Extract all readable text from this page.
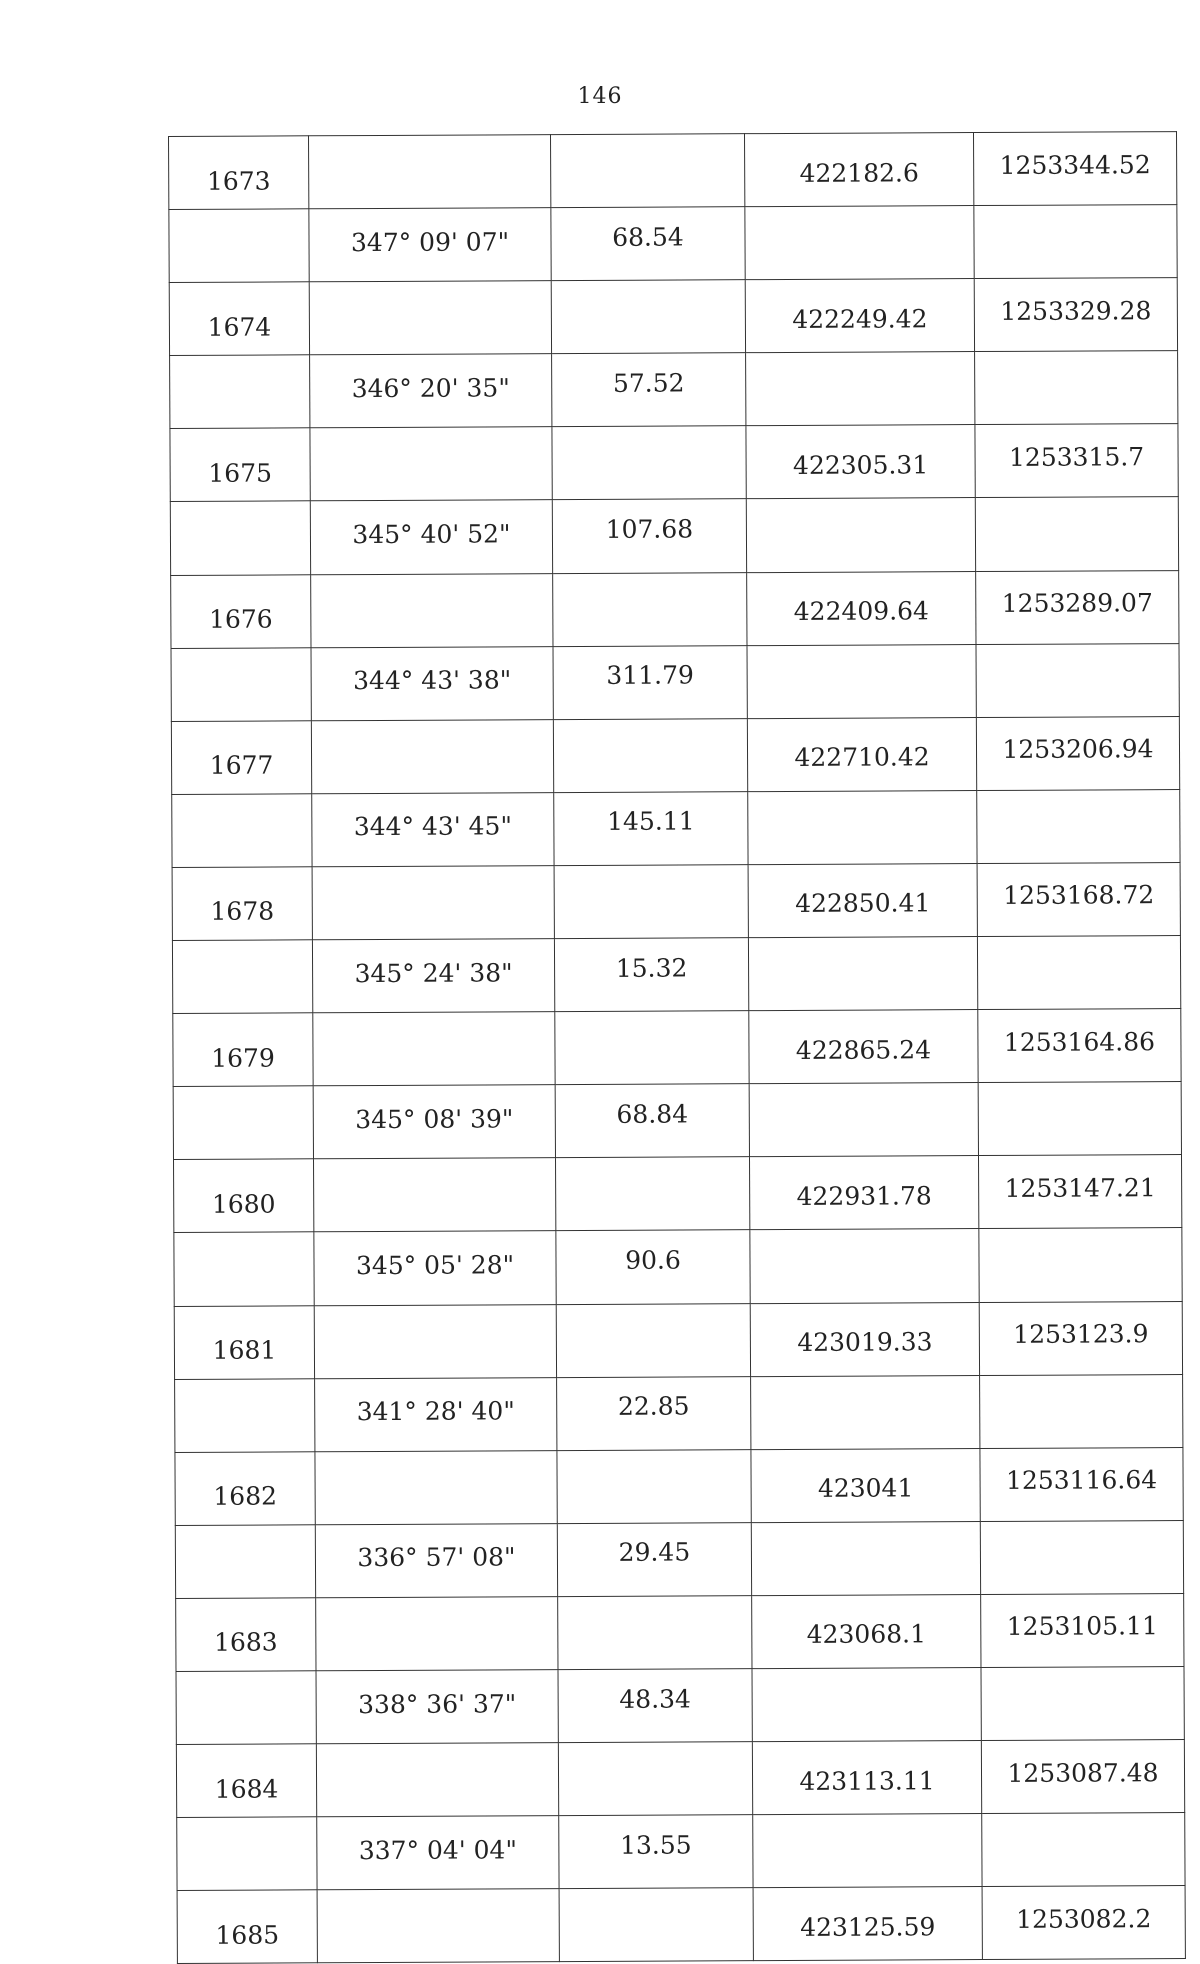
146
1673			422182.6	1253344.52
	347° 09' 07"	68.54		
1674			422249.42	1253329.28
	346° 20' 35"	57.52		
1675			422305.31	1253315.7
	345° 40' 52"	107.68		
1676			422409.64	1253289.07
	344° 43' 38"	311.79		
1677			422710.42	1253206.94
	344° 43' 45"	145.11		
1678			422850.41	1253168.72
	345° 24' 38"	15.32		
1679			422865.24	1253164.86
	345° 08' 39"	68.84		
1680			422931.78	1253147.21
	345° 05' 28"	90.6		
1681			423019.33	1253123.9
	341° 28' 40"	22.85		
1682			423041	1253116.64
	336° 57' 08"	29.45		
1683			423068.1	1253105.11
	338° 36' 37"	48.34		
1684			423113.11	1253087.48
	337° 04' 04"	13.55		
1685			423125.59	1253082.2
